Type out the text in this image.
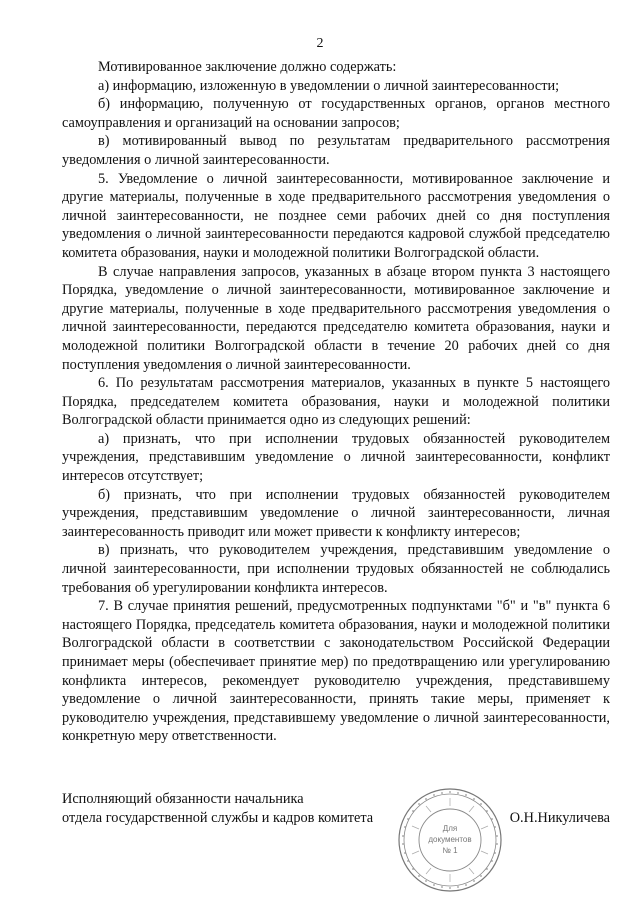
2

Мотивированное заключение должно содержать:

а) информацию, изложенную в уведомлении о личной заинтересованности;

б) информацию, полученную от государственных органов, органов местного самоуправления и организаций на основании запросов;

в) мотивированный вывод по результатам предварительного рассмотрения уведомления о личной заинтересованности.

5. Уведомление о личной заинтересованности, мотивированное заключение и другие материалы, полученные в ходе предварительного рассмотрения уведомления о личной заинтересованности, не позднее семи рабочих дней со дня поступления уведомления о личной заинтересованности передаются кадровой службой председателю комитета образования, науки и молодежной политики Волгоградской области.

В случае направления запросов, указанных в абзаце втором пункта 3 настоящего Порядка, уведомление о личной заинтересованности, мотивированное заключение и другие материалы, полученные в ходе предварительного рассмотрения уведомления о личной заинтересованности, передаются председателю комитета образования, науки и молодежной политики Волгоградской области в течение 20 рабочих дней со дня поступления уведомления о личной заинтересованности.

6. По результатам рассмотрения материалов, указанных в пункте 5 настоящего Порядка, председателем комитета образования, науки и молодежной политики Волгоградской области принимается одно из следующих решений:

а) признать, что при исполнении трудовых обязанностей руководителем учреждения, представившим уведомление о личной заинтересованности, конфликт интересов отсутствует;

б) признать, что при исполнении трудовых обязанностей руководителем учреждения, представившим уведомление о личной заинтересованности, личная заинтересованность приводит или может привести к конфликту интересов;

в) признать, что руководителем учреждения, представившим уведомление о личной заинтересованности, при исполнении трудовых обязанностей не соблюдались требования об урегулировании конфликта интересов.

7. В случае принятия решений, предусмотренных подпунктами "б" и "в" пункта 6 настоящего Порядка, председатель комитета образования, науки и молодежной политики Волгоградской области в соответствии с законодательством Российской Федерации принимает меры (обеспечивает принятие мер) по предотвращению или урегулированию конфликта интересов, рекомендует руководителю учреждения, представившему уведомление о личной заинтересованности, принять такие меры, применяет к руководителю учреждения, представившему уведомление о личной заинтересованности, конкретную меру ответственности.

Исполняющий обязанности начальника
отдела государственной службы и кадров комитета	О.Н.Никуличева
Для
документов
№ 1
